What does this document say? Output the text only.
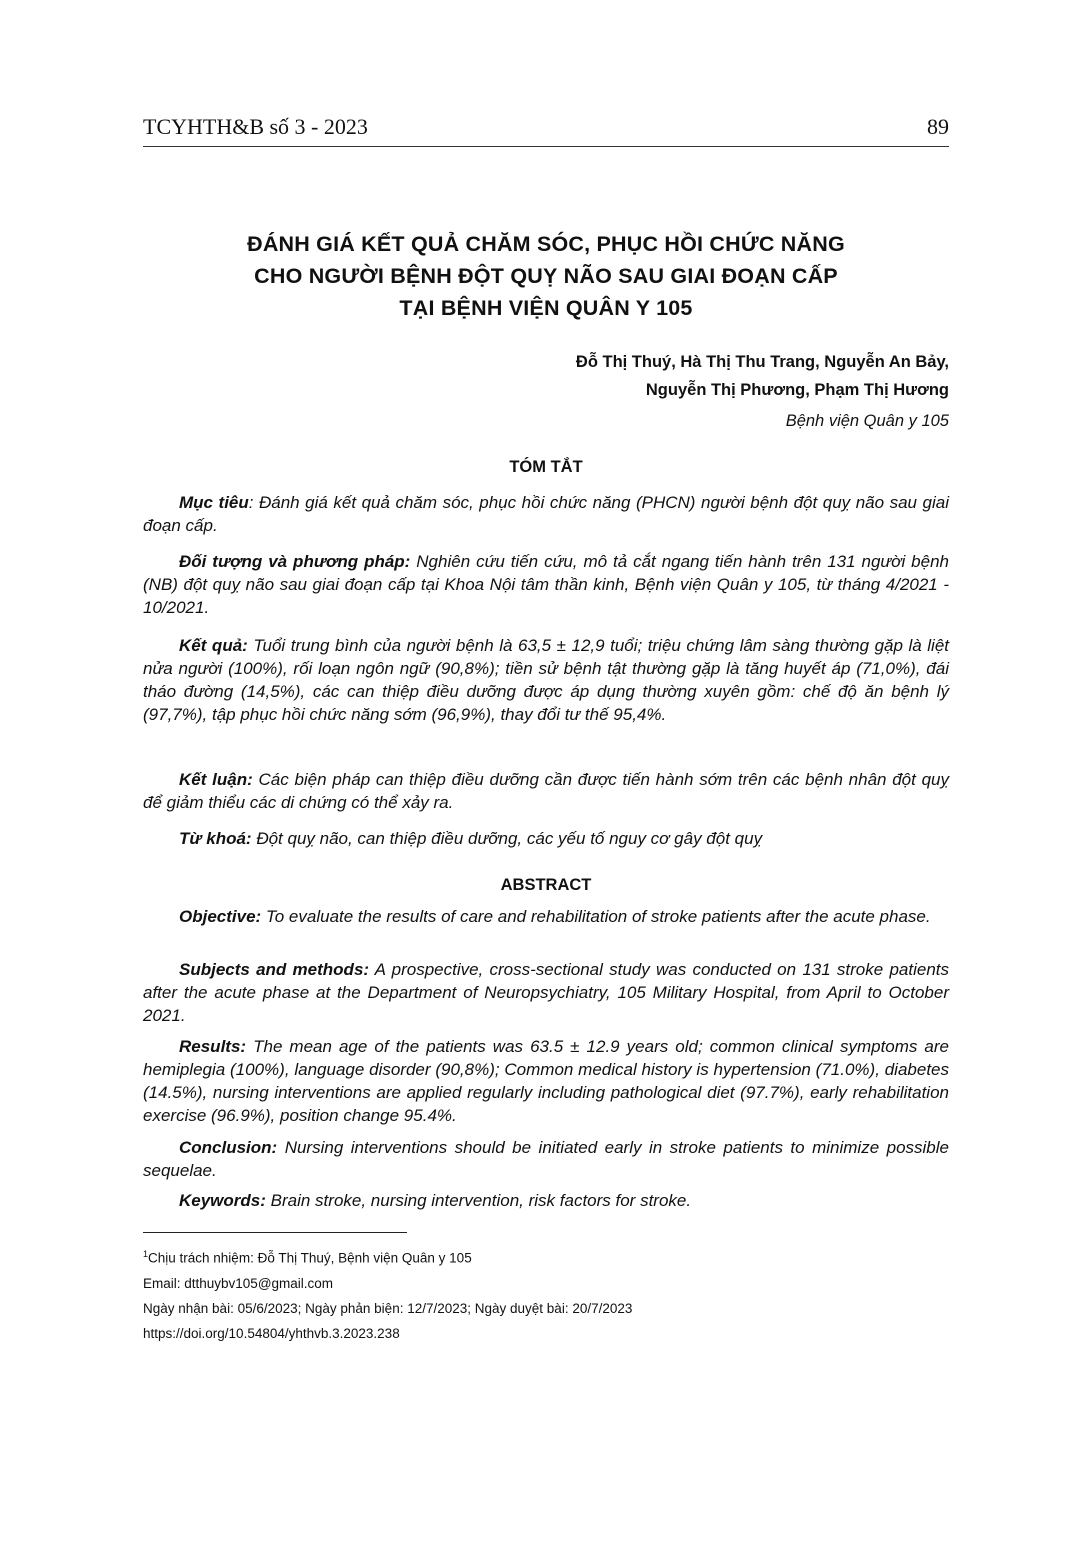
TCYHTH&B số 3 - 2023	89
ĐÁNH GIÁ KẾT QUẢ CHĂM SÓC, PHỤC HỒI CHỨC NĂNG
CHO NGƯỜI BỆNH ĐỘT QUỴ NÃO SAU GIAI ĐOẠN CẤP
TẠI BỆNH VIỆN QUÂN Y 105
Đỗ Thị Thuý, Hà Thị Thu Trang, Nguyễn An Bảy,
Nguyễn Thị Phương, Phạm Thị Hương
Bệnh viện Quân y 105
TÓM TẮT

Mục tiêu: Đánh giá kết quả chăm sóc, phục hồi chức năng (PHCN) người bệnh đột quỵ não sau giai đoạn cấp.

Đối tượng và phương pháp: Nghiên cứu tiến cứu, mô tả cắt ngang tiến hành trên 131 người bệnh (NB) đột quỵ não sau giai đoạn cấp tại Khoa Nội tâm thần kinh, Bệnh viện Quân y 105, từ tháng 4/2021 - 10/2021.

Kết quả: Tuổi trung bình của người bệnh là 63,5 ± 12,9 tuổi; triệu chứng lâm sàng thường gặp là liệt nửa người (100%), rối loạn ngôn ngữ (90,8%); tiền sử bệnh tật thường gặp là tăng huyết áp (71,0%), đái tháo đường (14,5%), các can thiệp điều dưỡng được áp dụng thường xuyên gồm: chế độ ăn bệnh lý (97,7%), tập phục hồi chức năng sớm (96,9%), thay đổi tư thế 95,4%.

Kết luận: Các biện pháp can thiệp điều dưỡng cần được tiến hành sớm trên các bệnh nhân đột quỵ để giảm thiểu các di chứng có thể xảy ra.

Từ khoá: Đột quỵ não, can thiệp điều dưỡng, các yếu tố nguy cơ gây đột quỵ

ABSTRACT

Objective: To evaluate the results of care and rehabilitation of stroke patients after the acute phase.

Subjects and methods: A prospective, cross-sectional study was conducted on 131 stroke patients after the acute phase at the Department of Neuropsychiatry, 105 Military Hospital, from April to October 2021.

Results: The mean age of the patients was 63.5 ± 12.9 years old; common clinical symptoms are hemiplegia (100%), language disorder (90,8%); Common medical history is hypertension (71.0%), diabetes (14.5%), nursing interventions are applied regularly including pathological diet (97.7%), early rehabilitation exercise (96.9%), position change 95.4%.

Conclusion: Nursing interventions should be initiated early in stroke patients to minimize possible sequelae.

Keywords: Brain stroke, nursing intervention, risk factors for stroke.

$^1$Chịu trách nhiệm: Đỗ Thị Thuý, Bệnh viện Quân y 105
Email: dtthuybv105@gmail.com
Ngày nhận bài: 05/6/2023; Ngày phản biện: 12/7/2023; Ngày duyệt bài: 20/7/2023
https://doi.org/10.54804/yhthvb.3.2023.238
